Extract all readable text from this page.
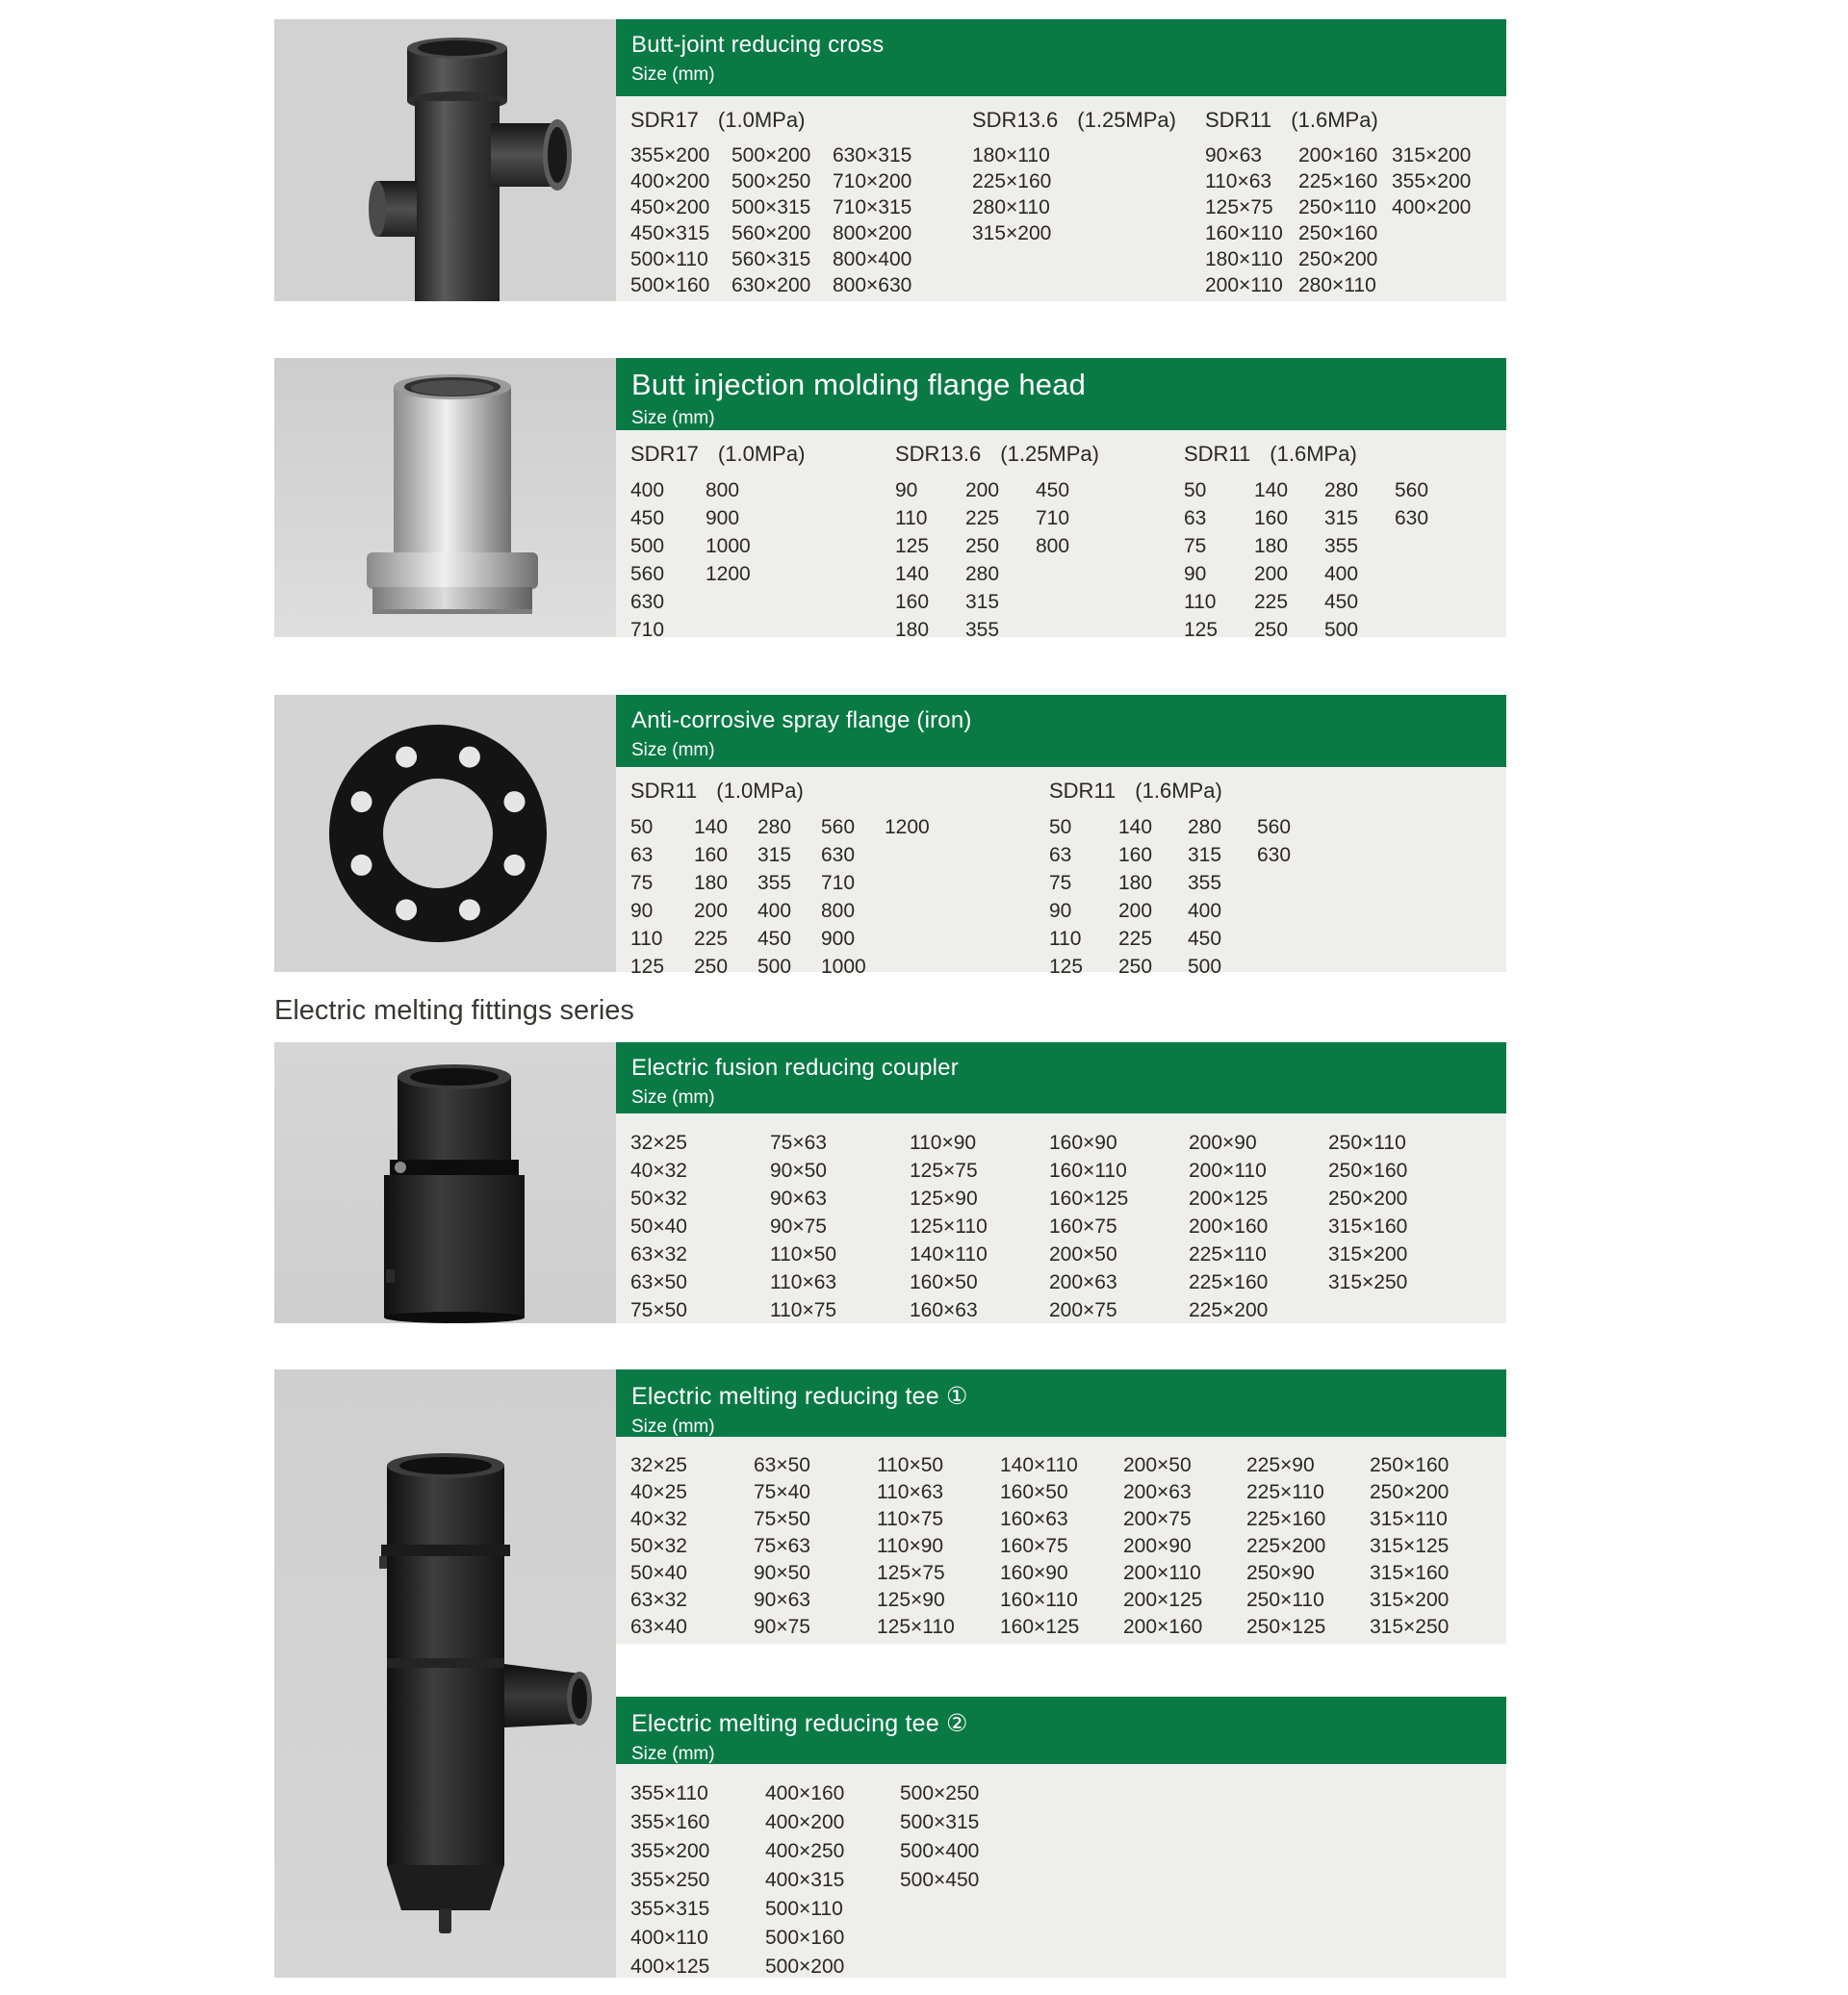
Butt-joint reducing cross
Size (mm)
SDR17 (1.0MPa)
355×200
400×200
450×200
450×315
500×110
500×160
500×200
500×250
500×315
560×200
560×315
630×200
630×315
710×200
710×315
800×200
800×400
800×630
SDR13.6 (1.25MPa)
180×110
225×160
280×110
315×200
SDR11 (1.6MPa)
90×63
110×63
125×75
160×110
180×110
200×110
200×160
225×160
250×110
250×160
250×200
280×110
315×200
355×200
400×200
Butt injection molding flange head
Size (mm)
SDR17 (1.0MPa)
400
450
500
560
630
710
800
900
1000
1200
SDR13.6 (1.25MPa)
90
110
125
140
160
180
200
225
250
280
315
355
450
710
800
SDR11 (1.6MPa)
50
63
75
90
110
125
140
160
180
200
225
250
280
315
355
400
450
500
560
630
Anti-corrosive spray flange (iron)
Size (mm)
SDR11 (1.0MPa)
50
63
75
90
110
125
140
160
180
200
225
250
280
315
355
400
450
500
560
630
710
800
900
1000
1200
SDR11 (1.6MPa)
50
63
75
90
110
125
140
160
180
200
225
250
280
315
355
400
450
500
560
630
Electric melting fittings series
Electric fusion reducing coupler
Size (mm)
32×25
40×32
50×32
50×40
63×32
63×50
75×50
75×63
90×50
90×63
90×75
110×50
110×63
110×75
110×90
125×75
125×90
125×110
140×110
160×50
160×63
160×90
160×110
160×125
160×75
200×50
200×63
200×75
200×90
200×110
200×125
200×160
225×110
225×160
225×200
250×110
250×160
250×200
315×160
315×200
315×250
Electric melting reducing tee ①
Size (mm)
32×25
40×25
40×32
50×32
50×40
63×32
63×40
63×50
75×40
75×50
75×63
90×50
90×63
90×75
110×50
110×63
110×75
110×90
125×75
125×90
125×110
140×110
160×50
160×63
160×75
160×90
160×110
160×125
200×50
200×63
200×75
200×90
200×110
200×125
200×160
225×90
225×110
225×160
225×200
250×90
250×110
250×125
250×160
250×200
315×110
315×125
315×160
315×200
315×250
Electric melting reducing tee ②
Size (mm)
355×110
355×160
355×200
355×250
355×315
400×110
400×125
400×160
400×200
400×250
400×315
500×110
500×160
500×200
500×250
500×315
500×400
500×450
